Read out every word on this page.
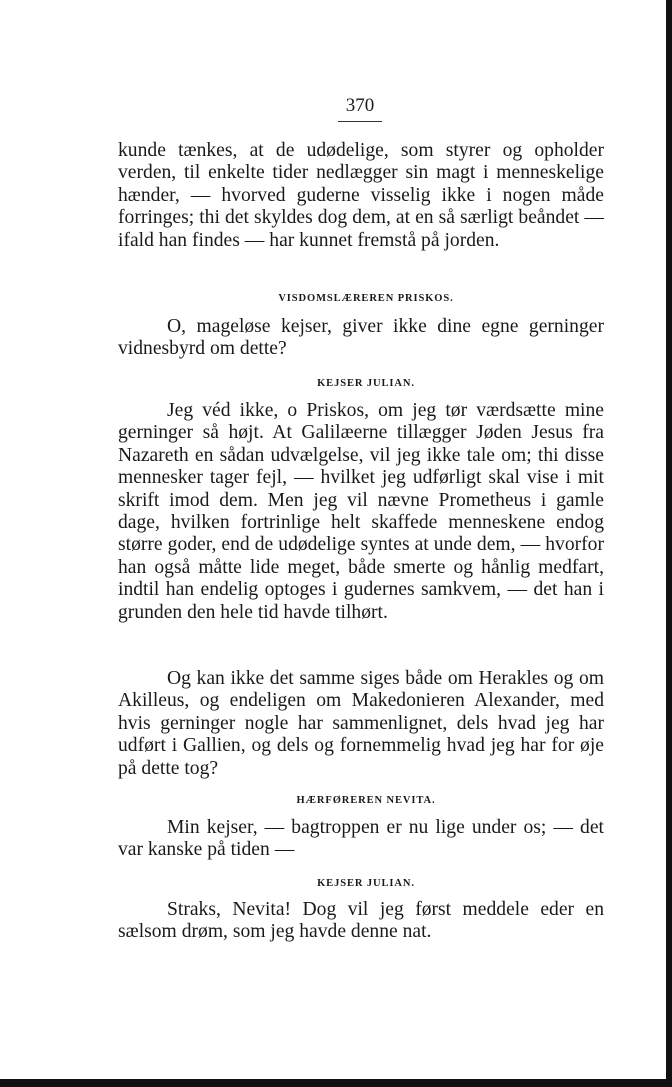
370

kunde tænkes, at de udødelige, som styrer og opholder verden, til enkelte tider nedlægger sin magt i menneskelige hænder, — hvorved guderne visselig ikke i nogen måde forringes; thi det skyldes dog dem, at en så særligt beåndet — ifald han findes — har kunnet fremstå på jorden.

VISDOMSLÆREREN PRISKOS.

O, mageløse kejser, giver ikke dine egne gerninger vidnesbyrd om dette?

KEJSER JULIAN.

Jeg véd ikke, o Priskos, om jeg tør værdsætte mine gerninger så højt. At Galilæerne tillægger Jøden Jesus fra Nazareth en sådan udvælgelse, vil jeg ikke tale om; thi disse mennesker tager fejl, — hvilket jeg udførligt skal vise i mit skrift imod dem. Men jeg vil nævne Prometheus i gamle dage, hvilken fortrinlige helt skaffede menneskene endog større goder, end de udødelige syntes at unde dem, — hvorfor han også måtte lide meget, både smerte og hånlig medfart, indtil han endelig optoges i gudernes samkvem, — det han i grunden den hele tid havde tilhørt.

Og kan ikke det samme siges både om Herakles og om Akilleus, og endeligen om Makedonieren Alexander, med hvis gerninger nogle har sammenlignet, dels hvad jeg har udført i Gallien, og dels og fornemmelig hvad jeg har for øje på dette tog?

HÆRFØREREN NEVITA.

Min kejser, — bagtroppen er nu lige under os; — det var kanske på tiden —

KEJSER JULIAN.

Straks, Nevita! Dog vil jeg først meddele eder en sælsom drøm, som jeg havde denne nat.
